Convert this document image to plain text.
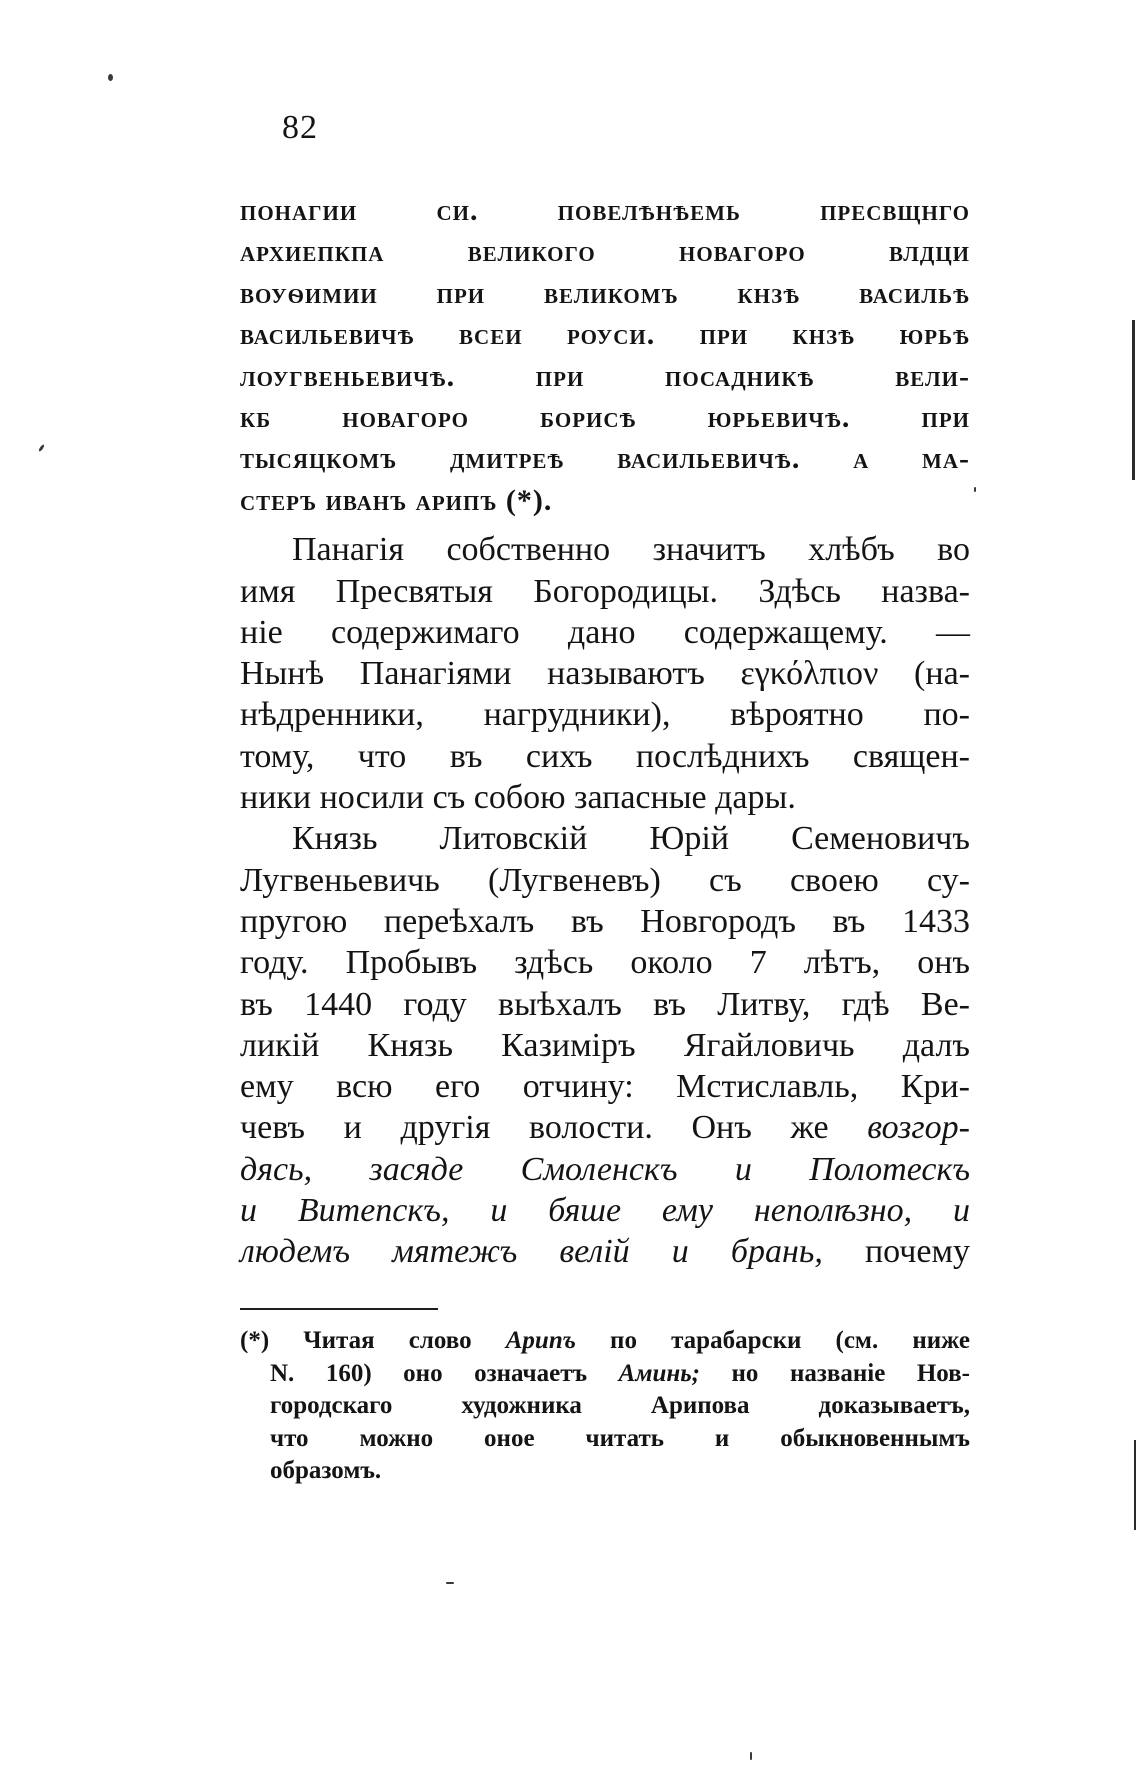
82
понагии си. повелѣнѣемь пресвщнго
архиепкпа великого новагоро влдци
воуѳимии при великомъ кнзѣ васильѣ
васильевичѣ всеи роуси. при кнзѣ юрьѣ
лоугвеньевичѣ. при посадникѣ вели-
кб новагоро борисѣ юрьевичѣ. при
тысяцкомъ дмитреѣ васильевичѣ. а ма-
стеръ иванъ арипъ (*).
Панагія собственно значитъ хлѣбъ во
имя Пресвятыя Богородицы. Здѣсь назва-
ніе содержимаго дано содержащему. —
Нынѣ Панагіями называютъ εγκόλπιον (на-
нѣдренники, нагрудники), вѣроятно по-
тому, что въ сихъ послѣднихъ священ-
ники носили съ собою запасные дары.
Князь Литовскій Юрій Семеновичъ
Лугвеньевичь (Лугвеневъ) съ своею су-
пругою переѣхалъ въ Новгородъ въ 1433
году. Пробывъ здѣсь около 7 лѣтъ, онъ
въ 1440 году выѣхалъ въ Литву, гдѣ Ве-
ликій Князь Казиміръ Ягайловичь далъ
ему всю его отчину: Мстиславль, Кри-
чевъ и другія волости. Онъ же возгор-
дясь, засяде Смоленскъ и Полотескъ
и Витепскъ, и бяше ему неполѣзно, и
людемъ мятежъ велій и брань, почему
(*) Читая слово Арипъ по тарабарски (см. ниже
N. 160) оно означаетъ Аминь; но названіе Нов-
городскаго художника Арипова доказываетъ,
что можно оное читать и обыкновеннымъ
образомъ.
